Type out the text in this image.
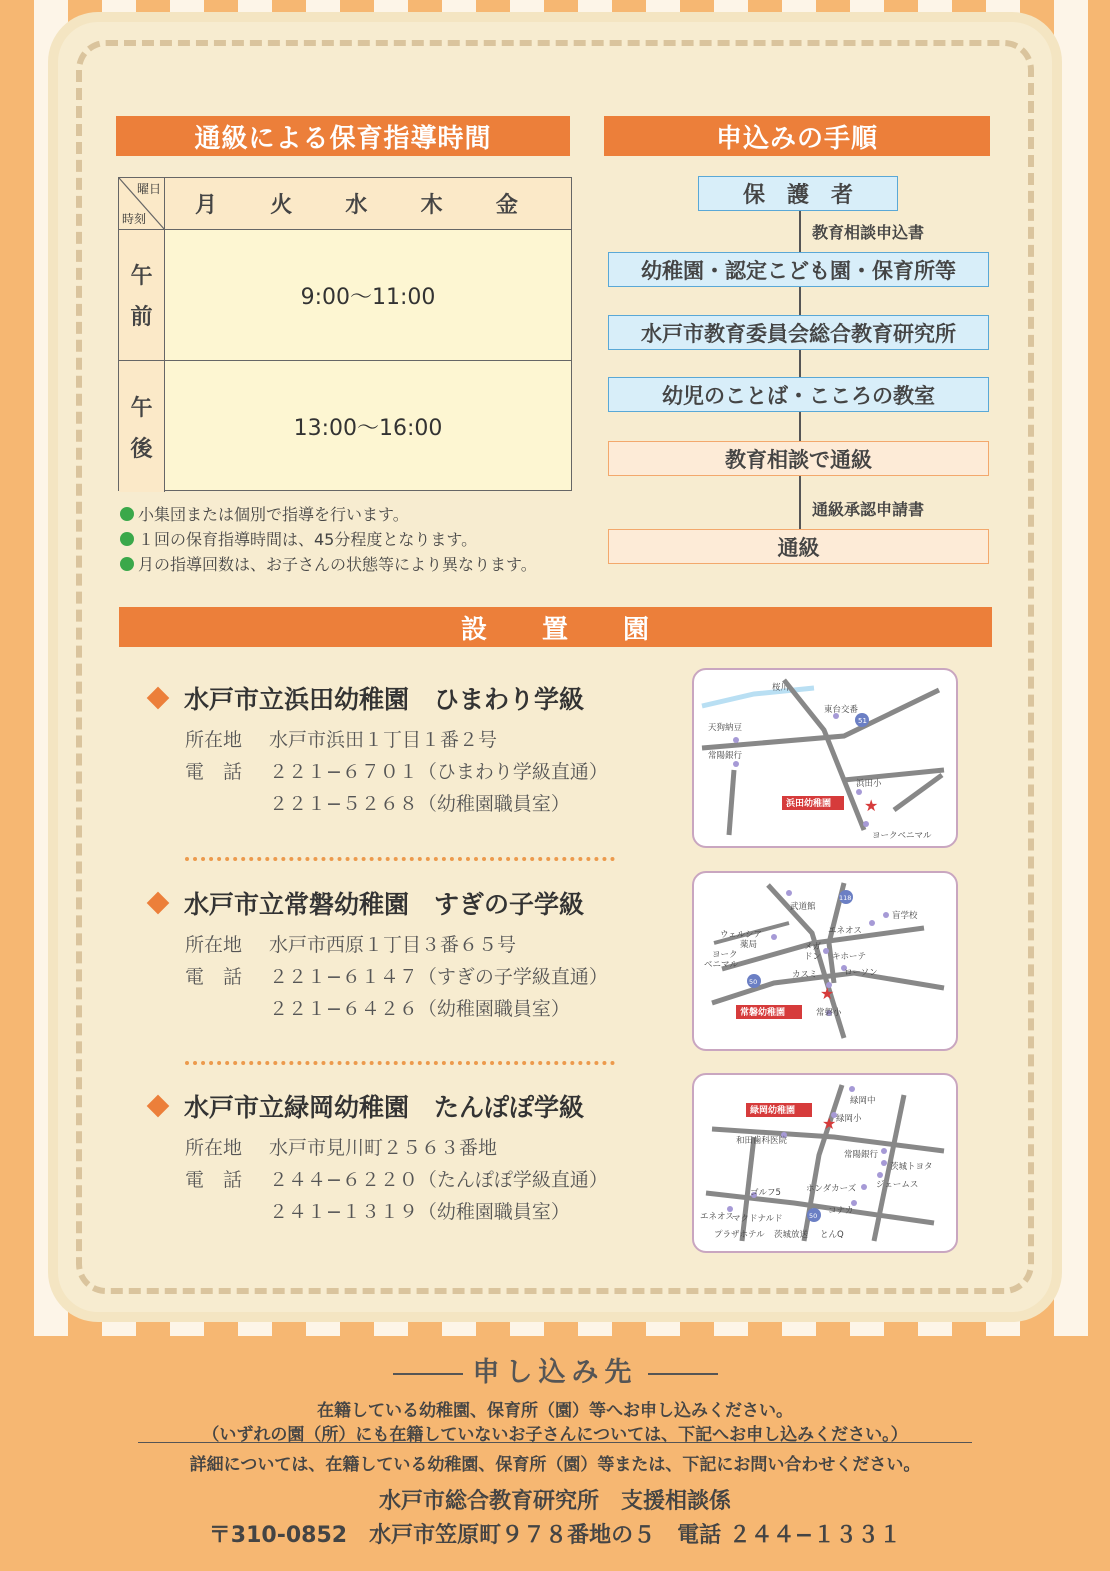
通級による保育指導時間
曜日
時刻
月	火	水	木	金
午
前
9:00〜11:00
午
後
13:00〜16:00
小集団または個別で指導を行います。
１回の保育指導時間は、45分程度となります。
月の指導回数は、お子さんの状態等により異なります。
申込みの手順
保　護　者
教育相談申込書
幼稚園・認定こども園・保育所等
水戸市教育委員会総合教育研究所
幼児のことば・こころの教室
教育相談で通級
通級承認申請書
通級
設　　置　　園
水戸市立浜田幼稚園　ひまわり学級
所在地 水戸市浜田１丁目１番２号
電　話 ２２１−６７０１（ひまわり学級直通）
２２１−５２６８（幼稚園職員室）
水戸市立常磐幼稚園　すぎの子学級
所在地 水戸市西原１丁目３番６５号
電　話 ２２１−６１４７（すぎの子学級直通）
２２１−６４２６（幼稚園職員室）
水戸市立緑岡幼稚園　たんぽぽ学級
所在地 水戸市見川町２５６３番地
電　話 ２４４−６２２０（たんぽぽ学級直通）
２４１−１３１９（幼稚園職員室）
桜川
51
天狗納豆
東台交番
常陽銀行
浜田小
ヨークベニマル
浜田幼稚園 ★
118
50
武道館
盲学校
エネオス
ウェルシア
薬局
ヨーク
ベニマル
メガ
ドン キホーテ
カスミ	ローソン
常磐小
常磐幼稚園
★
50
緑岡中
緑岡小
和田歯科医院
常陽銀行
茨城トヨタ
ジェームス
ホンダカーズ
ゴルフ5
コナカ
エネオス
マクドナルド
プラザホテル 茨城放送 とんQ
緑岡幼稚園
★
申し込み先
在籍している幼稚園、保育所（園）等へお申し込みください。
（いずれの園（所）にも在籍していないお子さんについては、下記へお申し込みください。）
詳細については、在籍している幼稚園、保育所（園）等または、下記にお問い合わせください。
水戸市総合教育研究所　支援相談係
〒310-0852　水戸市笠原町９７８番地の５　電話 ２４４−１３３１
